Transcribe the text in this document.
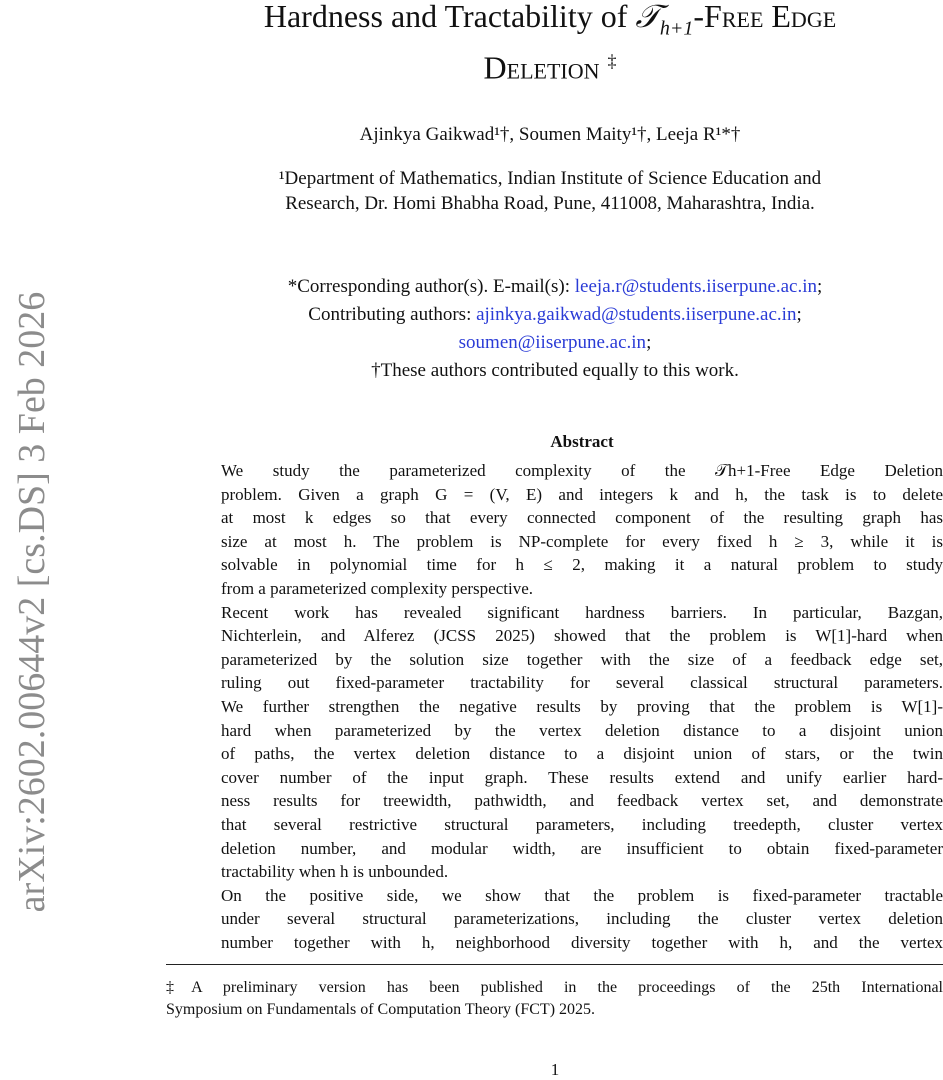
arXiv:2602.00644v2 [cs.DS] 3 Feb 2026
Hardness and Tractability of 𝒯$_{h+1}$-Free Edge
Deletion ‡
Ajinkya Gaikwad¹†, Soumen Maity¹†, Leeja R¹*†
¹Department of Mathematics, Indian Institute of Science Education and
Research, Dr. Homi Bhabha Road, Pune, 411008, Maharashtra, India.
*Corresponding author(s). E-mail(s): leeja.r@students.iiserpune.ac.in;
Contributing authors: ajinkya.gaikwad@students.iiserpune.ac.in;
soumen@iiserpune.ac.in;
†These authors contributed equally to this work.
Abstract
We study the parameterized complexity of the 𝒯h+1-Free Edge Deletion
problem. Given a graph G = (V, E) and integers k and h, the task is to delete
at most k edges so that every connected component of the resulting graph has
size at most h. The problem is NP-complete for every fixed h ≥ 3, while it is
solvable in polynomial time for h ≤ 2, making it a natural problem to study
from a parameterized complexity perspective.
Recent work has revealed significant hardness barriers. In particular, Bazgan,
Nichterlein, and Alferez (JCSS 2025) showed that the problem is W[1]-hard when
parameterized by the solution size together with the size of a feedback edge set,
ruling out fixed-parameter tractability for several classical structural parameters.
We further strengthen the negative results by proving that the problem is W[1]-
hard when parameterized by the vertex deletion distance to a disjoint union
of paths, the vertex deletion distance to a disjoint union of stars, or the twin
cover number of the input graph. These results extend and unify earlier hard-
ness results for treewidth, pathwidth, and feedback vertex set, and demonstrate
that several restrictive structural parameters, including treedepth, cluster vertex
deletion number, and modular width, are insufficient to obtain fixed-parameter
tractability when h is unbounded.
On the positive side, we show that the problem is fixed-parameter tractable
under several structural parameterizations, including the cluster vertex deletion
number together with h, neighborhood diversity together with h, and the vertex
‡A preliminary version has been published in the proceedings of the 25th International
Symposium on Fundamentals of Computation Theory (FCT) 2025.
1
